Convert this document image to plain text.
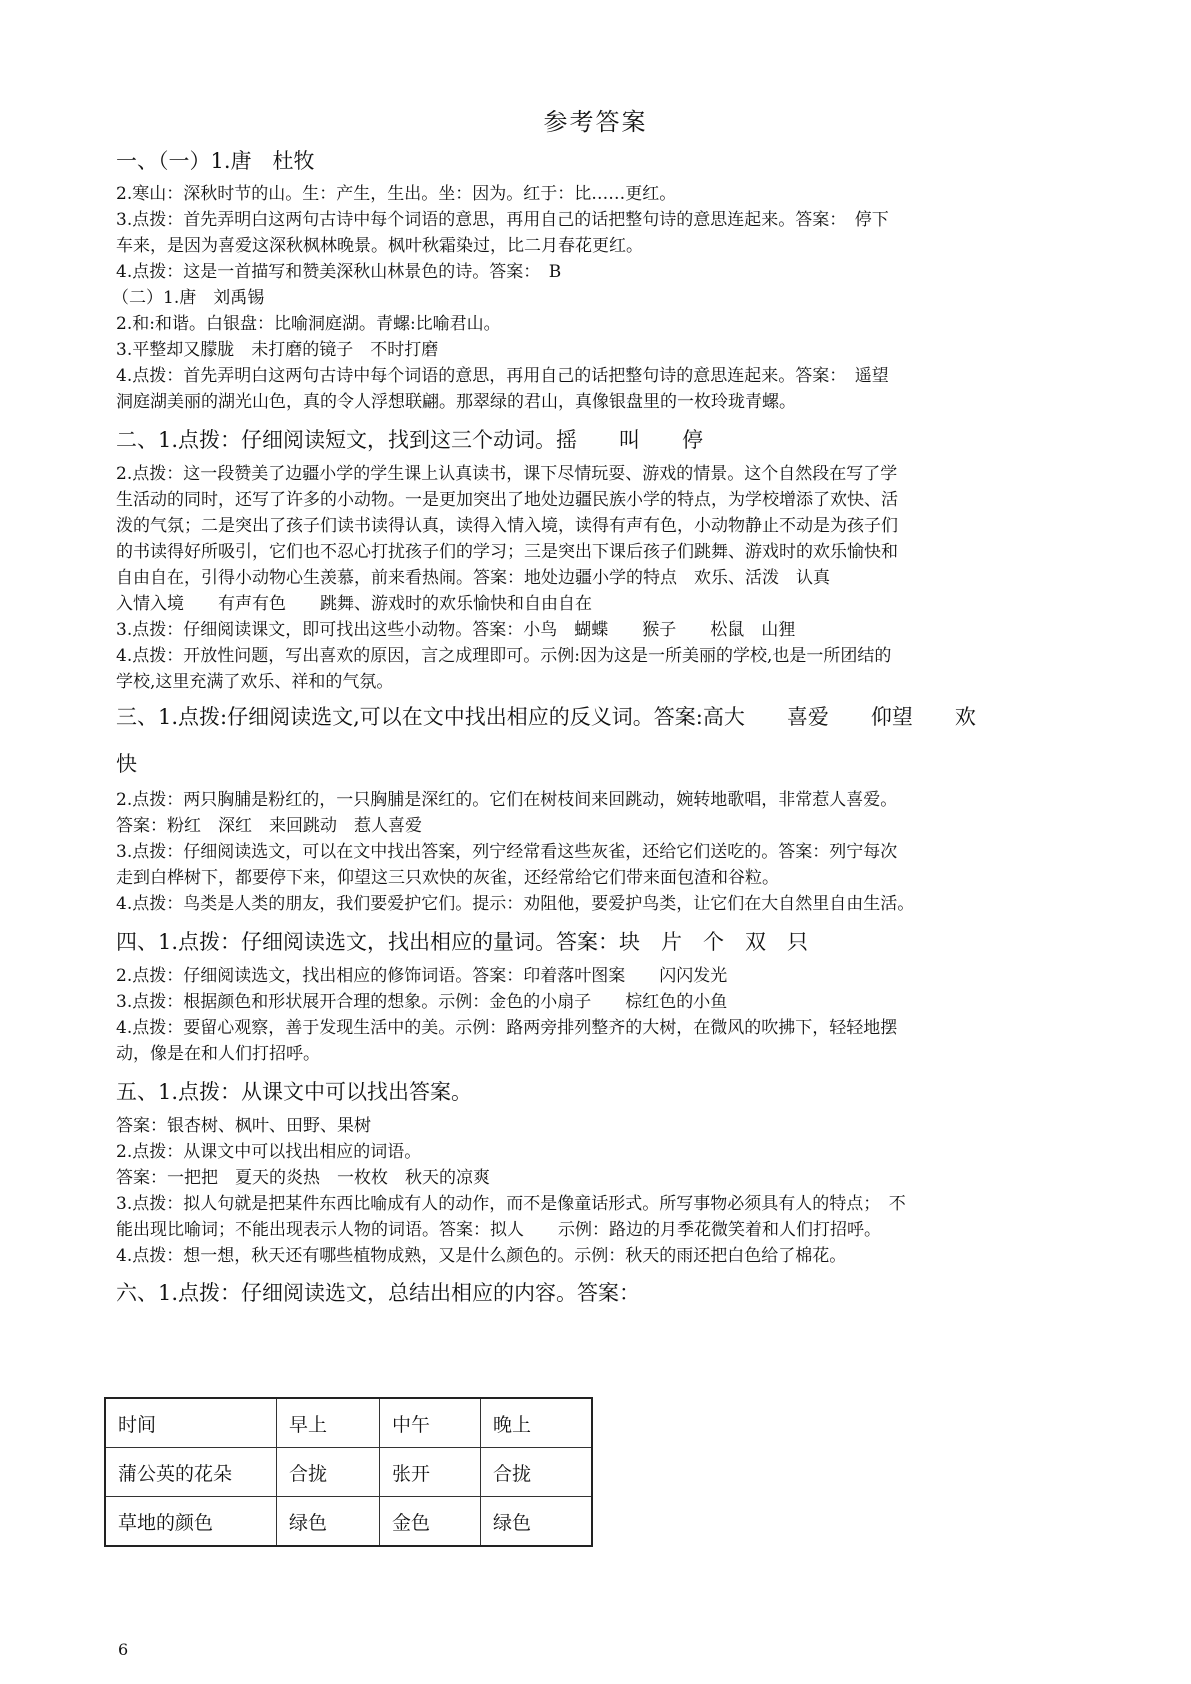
参考答案
一、（一）1.唐　杜牧
2.寒山：深秋时节的山。生：产生，生出。坐：因为。红于：比……更红。
3.点拨：首先弄明白这两句古诗中每个词语的意思，再用自己的话把整句诗的意思连起来。答案：　停下
车来，是因为喜爱这深秋枫林晚景。枫叶秋霜染过，比二月春花更红。
4.点拨：这是一首描写和赞美深秋山林景色的诗。答案：　B
（二）1.唐　刘禹锡
2.和:和谐。白银盘：比喻洞庭湖。青螺:比喻君山。
3.平整却又朦胧　未打磨的镜子　不时打磨
4.点拨：首先弄明白这两句古诗中每个词语的意思，再用自己的话把整句诗的意思连起来。答案：　遥望
洞庭湖美丽的湖光山色，真的令人浮想联翩。那翠绿的君山，真像银盘里的一枚玲珑青螺。
二、1.点拨：仔细阅读短文，找到这三个动词。摇　　叫　　停
2.点拨：这一段赞美了边疆小学的学生课上认真读书，课下尽情玩耍、游戏的情景。这个自然段在写了学
生活动的同时，还写了许多的小动物。一是更加突出了地处边疆民族小学的特点，为学校增添了欢快、活
泼的气氛；二是突出了孩子们读书读得认真，读得入情入境，读得有声有色，小动物静止不动是为孩子们
的书读得好所吸引，它们也不忍心打扰孩子们的学习；三是突出下课后孩子们跳舞、游戏时的欢乐愉快和
自由自在，引得小动物心生羡慕，前来看热闹。答案：地处边疆小学的特点　欢乐、活泼　认真
入情入境　　有声有色　　跳舞、游戏时的欢乐愉快和自由自在
3.点拨：仔细阅读课文，即可找出这些小动物。答案：小鸟　蝴蝶　　猴子　　松鼠　山狸
4.点拨：开放性问题，写出喜欢的原因，言之成理即可。示例:因为这是一所美丽的学校,也是一所团结的
学校,这里充满了欢乐、祥和的气氛。
三、1.点拨:仔细阅读选文,可以在文中找出相应的反义词。答案:高大　　喜爱　　仰望　　欢
快
2.点拨：两只胸脯是粉红的，一只胸脯是深红的。它们在树枝间来回跳动，婉转地歌唱，非常惹人喜爱。
答案：粉红　深红　来回跳动　惹人喜爱
3.点拨：仔细阅读选文，可以在文中找出答案，列宁经常看这些灰雀，还给它们送吃的。答案：列宁每次
走到白桦树下，都要停下来，仰望这三只欢快的灰雀，还经常给它们带来面包渣和谷粒。
4.点拨：鸟类是人类的朋友，我们要爱护它们。提示：劝阻他，要爱护鸟类，让它们在大自然里自由生活。
四、1.点拨：仔细阅读选文，找出相应的量词。答案：块　片　个　双　只
2.点拨：仔细阅读选文，找出相应的修饰词语。答案：印着落叶图案　　闪闪发光
3.点拨：根据颜色和形状展开合理的想象。示例：金色的小扇子　　棕红色的小鱼
4.点拨：要留心观察，善于发现生活中的美。示例：路两旁排列整齐的大树，在微风的吹拂下，轻轻地摆
动，像是在和人们打招呼。
五、1.点拨：从课文中可以找出答案。
答案：银杏树、枫叶、田野、果树
2.点拨：从课文中可以找出相应的词语。
答案：一把把　夏天的炎热　一枚枚　秋天的凉爽
3.点拨：拟人句就是把某件东西比喻成有人的动作，而不是像童话形式。所写事物必须具有人的特点；　不
能出现比喻词；不能出现表示人物的词语。答案：拟人　　示例：路边的月季花微笑着和人们打招呼。
4.点拨：想一想，秋天还有哪些植物成熟，又是什么颜色的。示例：秋天的雨还把白色给了棉花。
六、1.点拨：仔细阅读选文，总结出相应的内容。答案：
时间	早上	中午	晚上
蒲公英的花朵	合拢	张开	合拢
草地的颜色	绿色	金色	绿色
6
